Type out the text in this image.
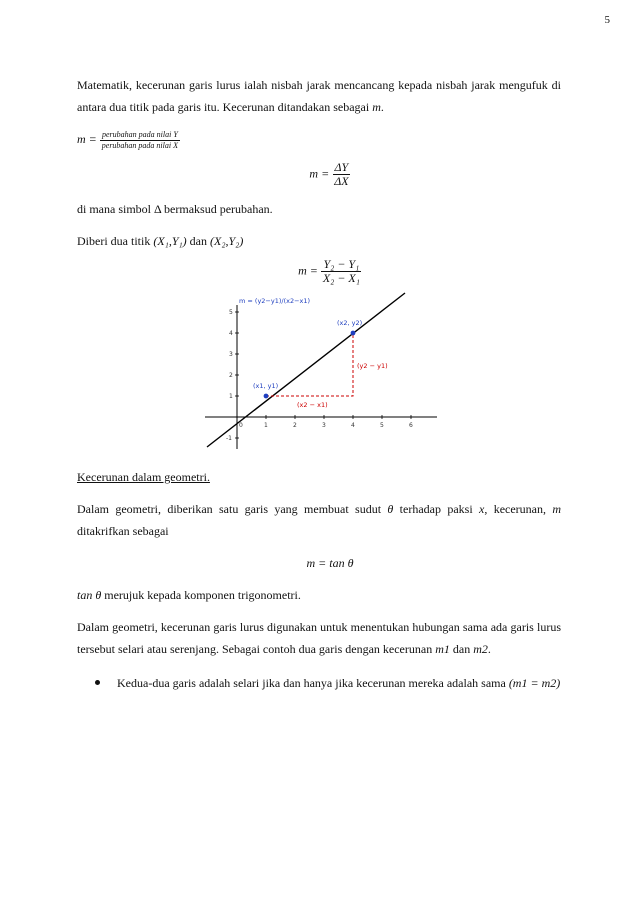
5

Matematik, kecerunan garis lurus ialah nisbah jarak mencancang kepada nisbah jarak mengufuk di antara dua titik pada garis itu. Kecerunan ditandakan sebagai m.

$m = \frac{\text{perubahan pada nilai Y}}{\text{perubahan pada nilai X}}$

$m = \frac{\Delta Y}{\Delta X}$

di mana simbol Δ bermaksud perubahan.

Diberi dua titik (X₁,Y₁) dan (X₂,Y₂)

$m = \frac{\text{Y₂ − Y₁}}{\text{X₂ − X₁}}$

1	2	3	4	5	6
-1
1
2
3
4
5
0
m = (y2−y1)/(x2−x1)
(x1, y1)
(x2, y2)
(y2 − y1)
(x2 − x1)

Kecerunan dalam geometri.

Dalam geometri, diberikan satu garis yang membuat sudut θ terhadap paksi x, kecerunan, m ditakrifkan sebagai

m = tan θ

tan θ merujuk kepada komponen trigonometri.

Dalam geometri, kecerunan garis lurus digunakan untuk menentukan hubungan sama ada garis lurus tersebut selari atau serenjang. Sebagai contoh dua garis dengan kecerunan m1 dan m2.

Kedua-dua garis adalah selari jika dan hanya jika kecerunan mereka adalah sama (m1 = m2)
